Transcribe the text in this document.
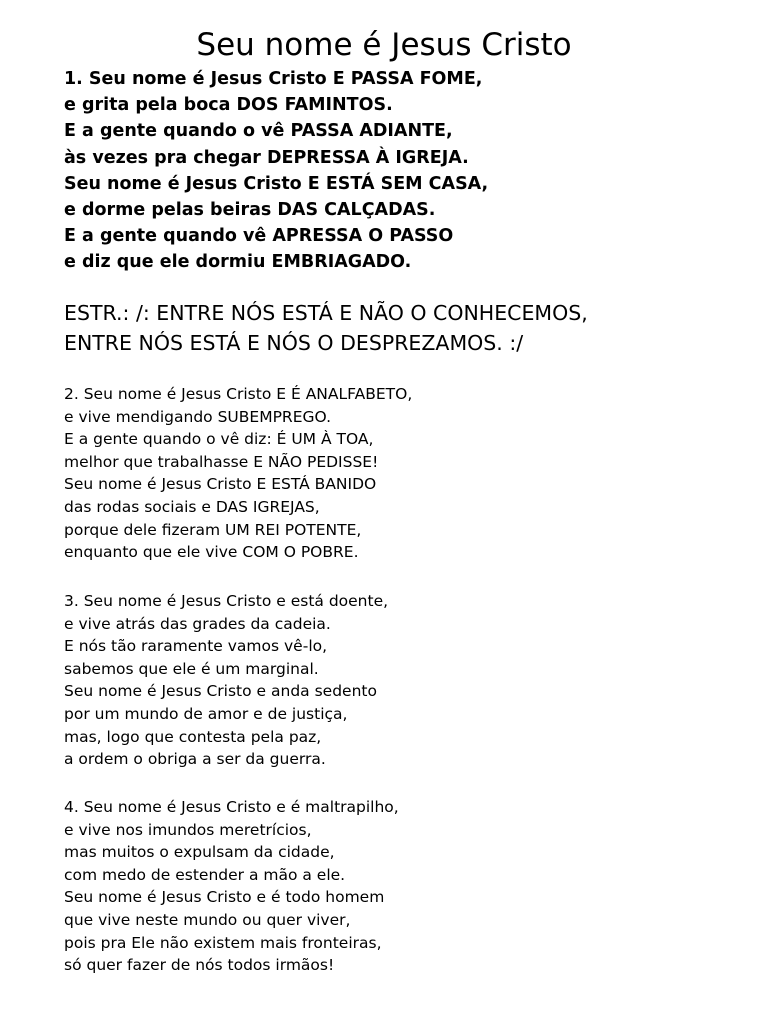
Seu nome é Jesus Cristo
1. Seu nome é Jesus Cristo E PASSA FOME,
e grita pela boca DOS FAMINTOS.
E a gente quando o vê PASSA ADIANTE,
às vezes pra chegar DEPRESSA À IGREJA.
Seu nome é Jesus Cristo E ESTÁ SEM CASA,
e dorme pelas beiras DAS CALÇADAS.
E a gente quando vê APRESSA O PASSO
e diz que ele dormiu EMBRIAGADO.
ESTR.: /: ENTRE NÓS ESTÁ E NÃO O CONHECEMOS,
ENTRE NÓS ESTÁ E NÓS O DESPREZAMOS. :/
2. Seu nome é Jesus Cristo E É ANALFABETO,
e vive mendigando SUBEMPREGO.
E a gente quando o vê diz: É UM À TOA,
melhor que trabalhasse E NÃO PEDISSE!
Seu nome é Jesus Cristo E ESTÁ BANIDO
das rodas sociais e DAS IGREJAS,
porque dele fizeram UM REI POTENTE,
enquanto que ele vive COM O POBRE.
3. Seu nome é Jesus Cristo e está doente,
e vive atrás das grades da cadeia.
E nós tão raramente vamos vê-lo,
sabemos que ele é um marginal.
Seu nome é Jesus Cristo e anda sedento
por um mundo de amor e de justiça,
mas, logo que contesta pela paz,
a ordem o obriga a ser da guerra.
4. Seu nome é Jesus Cristo e é maltrapilho,
e vive nos imundos meretrícios,
mas muitos o expulsam da cidade,
com medo de estender a mão a ele.
Seu nome é Jesus Cristo e é todo homem
que vive neste mundo ou quer viver,
pois pra Ele não existem mais fronteiras,
só quer fazer de nós todos irmãos!
